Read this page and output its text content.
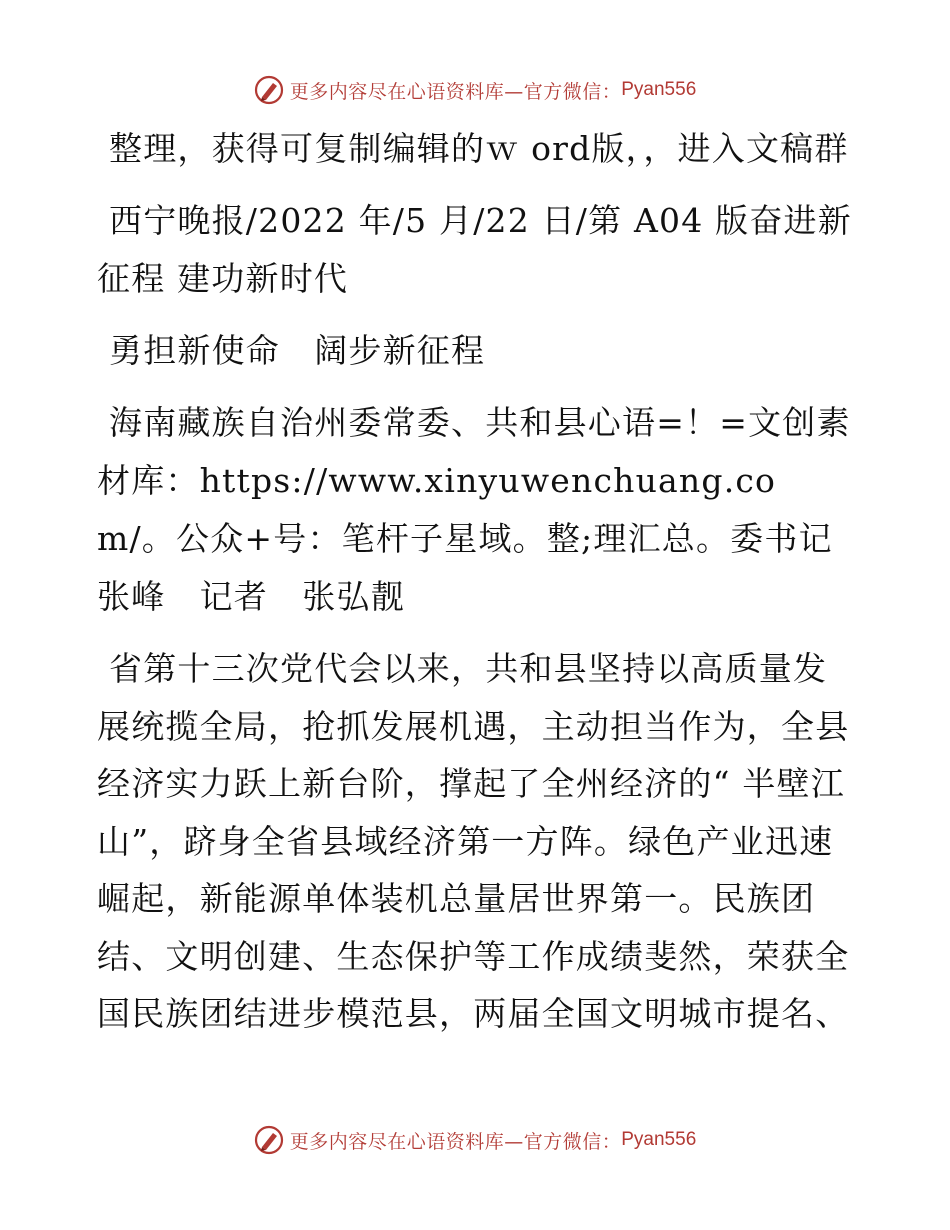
更多内容尽在心语资料库—官方微信： Pyan556

整理，获得可复制编辑的ｗ ord版，，进入文稿群

西宁晚报/2022 年/5 月/22 日/第 A04 版奋进新征程 建功新时代

勇担新使命　阔步新征程

海南藏族自治州委常委、共和县心语=！=文创素材库：https://www.xinyuwenchuang.com/。公众+号：笔杆子星域。整;理汇总。委书记　张峰　记者　张弘靓

省第十三次党代会以来，共和县坚持以高质量发展统揽全局，抢抓发展机遇，主动担当作为，全县经济实力跃上新台阶，撑起了全州经济的“ 半壁江山”，跻身全省县域经济第一方阵。绿色产业迅速崛起，新能源单体装机总量居世界第一。民族团结、文明创建、生态保护等工作成绩斐然，荣获全国民族团结进步模范县，两届全国文明城市提名、

更多内容尽在心语资料库—官方微信： Pyan556
